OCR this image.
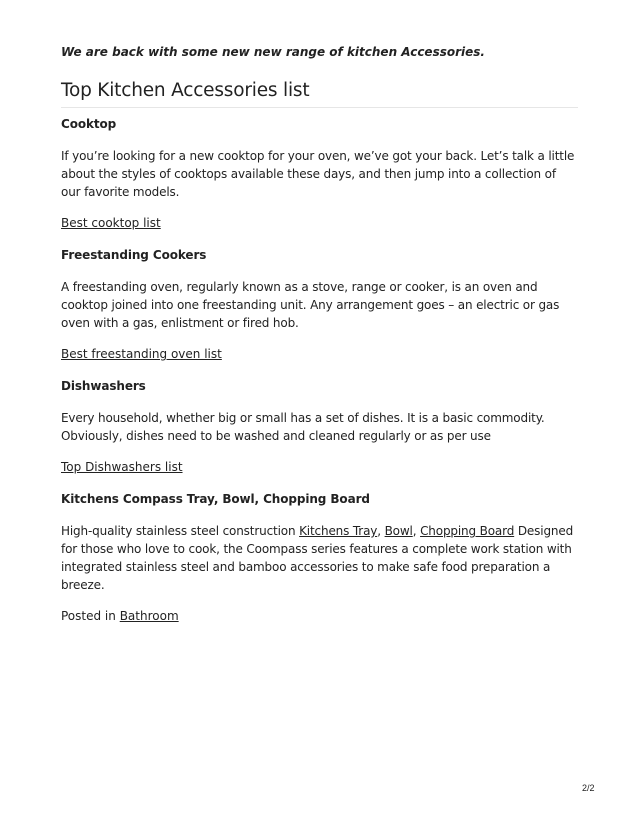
We are back with some new new range of kitchen Accessories.

Top Kitchen Accessories list

Cooktop

If you’re looking for a new cooktop for your oven, we’ve got your back. Let’s talk a little about the styles of cooktops available these days, and then jump into a collection of our favorite models.

Best cooktop list

Freestanding Cookers

A freestanding oven, regularly known as a stove, range or cooker, is an oven and cooktop joined into one freestanding unit. Any arrangement goes – an electric or gas oven with a gas, enlistment or fired hob.

Best freestanding oven list

Dishwashers

Every household, whether big or small has a set of dishes. It is a basic commodity. Obviously, dishes need to be washed and cleaned regularly or as per use

Top Dishwashers list

Kitchens Compass Tray, Bowl, Chopping Board

High-quality stainless steel construction Kitchens Tray, Bowl, Chopping Board Designed for those who love to cook, the Coompass series features a complete work station with integrated stainless steel and bamboo accessories to make safe food preparation a breeze.

Posted in Bathroom

2/2
